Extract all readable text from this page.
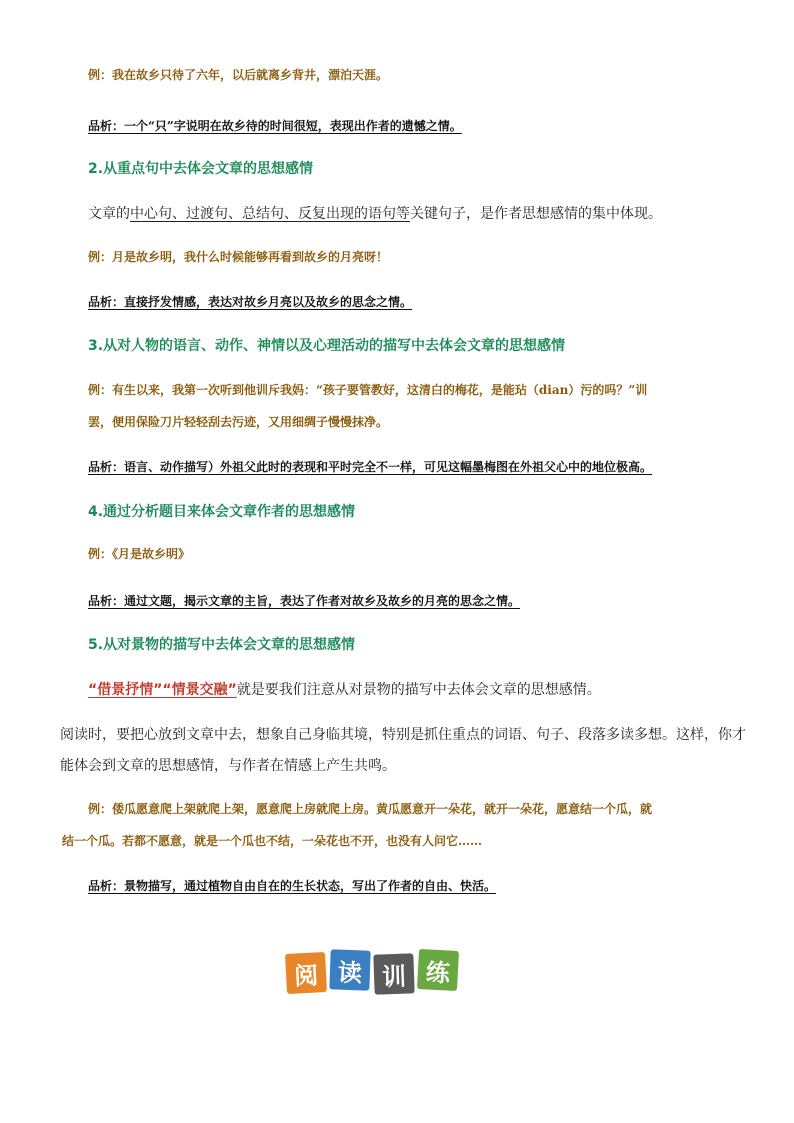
例：我在故乡只待了六年，以后就离乡背井，漂泊天涯。
品析：一个“只”字说明在故乡待的时间很短，表现出作者的遗憾之情。
2.从重点句中去体会文章的思想感情
文章的中心句、过渡句、总结句、反复出现的语句等关键句子，是作者思想感情的集中体现。
例：月是故乡明，我什么时候能够再看到故乡的月亮呀！
品析：直接抒发情感，表达对故乡月亮以及故乡的思念之情。
3.从对人物的语言、动作、神情以及心理活动的描写中去体会文章的思想感情
例：有生以来，我第一次听到他训斥我妈：“孩子要管教好，这清白的梅花，是能玷（dian）污的吗？”训
罢，便用保险刀片轻轻刮去污迹，又用细绸子慢慢抹净。
品析：语言、动作描写）外祖父此时的表现和平时完全不一样，可见这幅墨梅图在外祖父心中的地位极高。
4.通过分析题目来体会文章作者的思想感情
例：《月是故乡明》
品析：通过文题，揭示文章的主旨，表达了作者对故乡及故乡的月亮的思念之情。
5.从对景物的描写中去体会文章的思想感情
“借景抒情”“情景交融”就是要我们注意从对景物的描写中去体会文章的思想感情。
阅读时，要把心放到文章中去，想象自己身临其境，特别是抓住重点的词语、句子、段落多读多想。这样，你才
能体会到文章的思想感情，与作者在情感上产生共鸣。
例：倭瓜愿意爬上架就爬上架，愿意爬上房就爬上房。黄瓜愿意开一朵花，就开一朵花，愿意结一个瓜，就
结一个瓜。若都不愿意，就是一个瓜也不结，一朵花也不开，也没有人问它……
品析：景物描写，通过植物自由自在的生长状态，写出了作者的自由、快活。
阅 读 训 练
